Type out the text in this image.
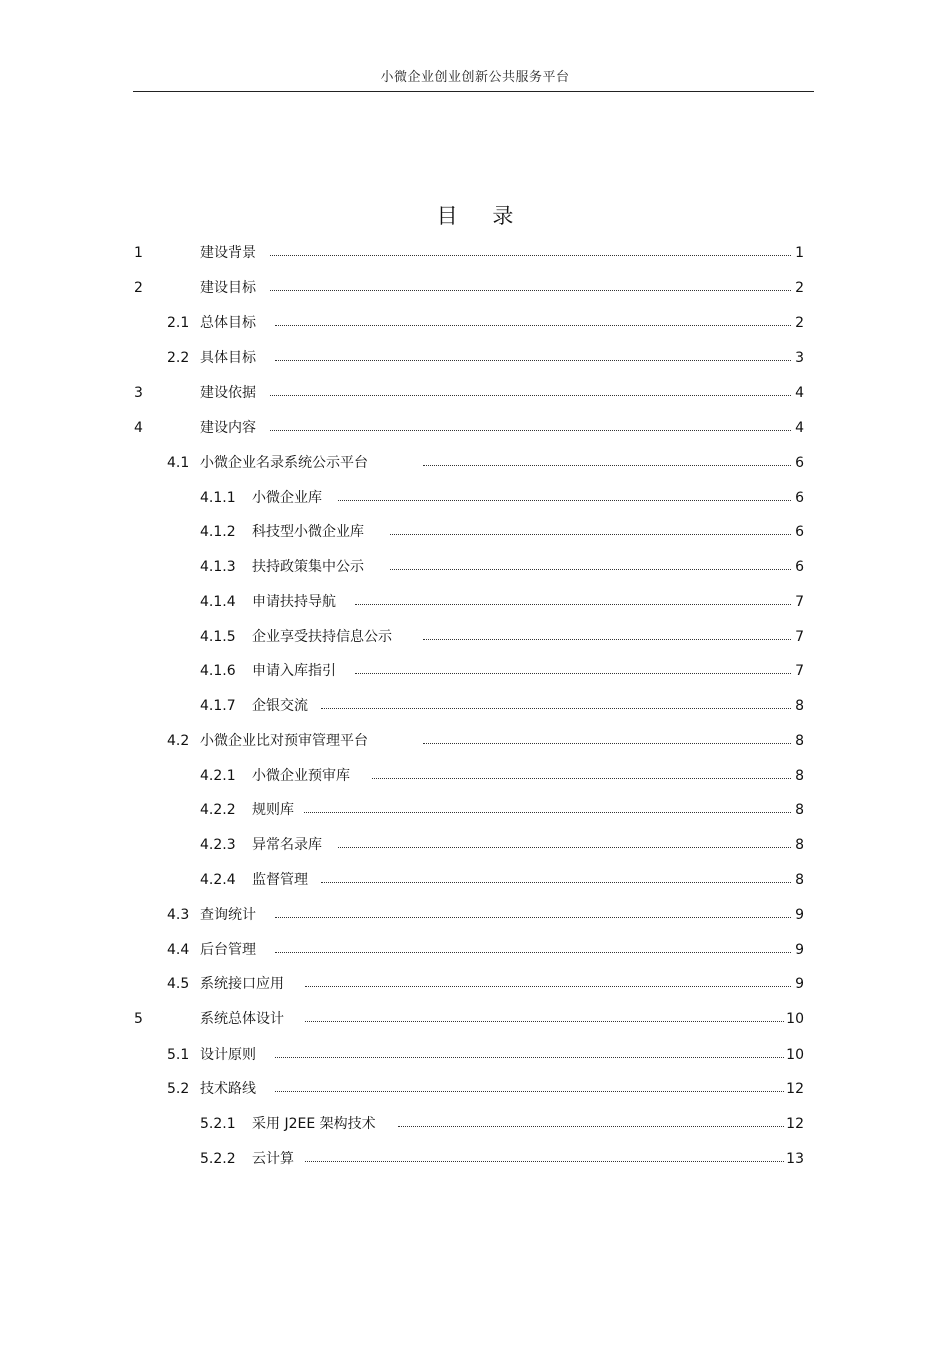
小微企业创业创新公共服务平台
目 录
1	建设背景	1
2	建设目标	2
2.1 总体目标	2
2.2 具体目标	3
3	建设依据	4
4	建设内容	4
4.1 小微企业名录系统公示平台	6
4.1.1 小微企业库	6
4.1.2 科技型小微企业库	6
4.1.3 扶持政策集中公示	6
4.1.4 申请扶持导航	7
4.1.5 企业享受扶持信息公示	7
4.1.6 申请入库指引	7
4.1.7 企银交流	8
4.2 小微企业比对预审管理平台	8
4.2.1 小微企业预审库	8
4.2.2 规则库	8
4.2.3 异常名录库	8
4.2.4 监督管理	8
4.3 查询统计	9
4.4 后台管理	9
4.5 系统接口应用	9
5	系统总体设计	10
5.1 设计原则	10
5.2 技术路线	12
5.2.1 采用 J2EE 架构技术	12
5.2.2 云计算	13
